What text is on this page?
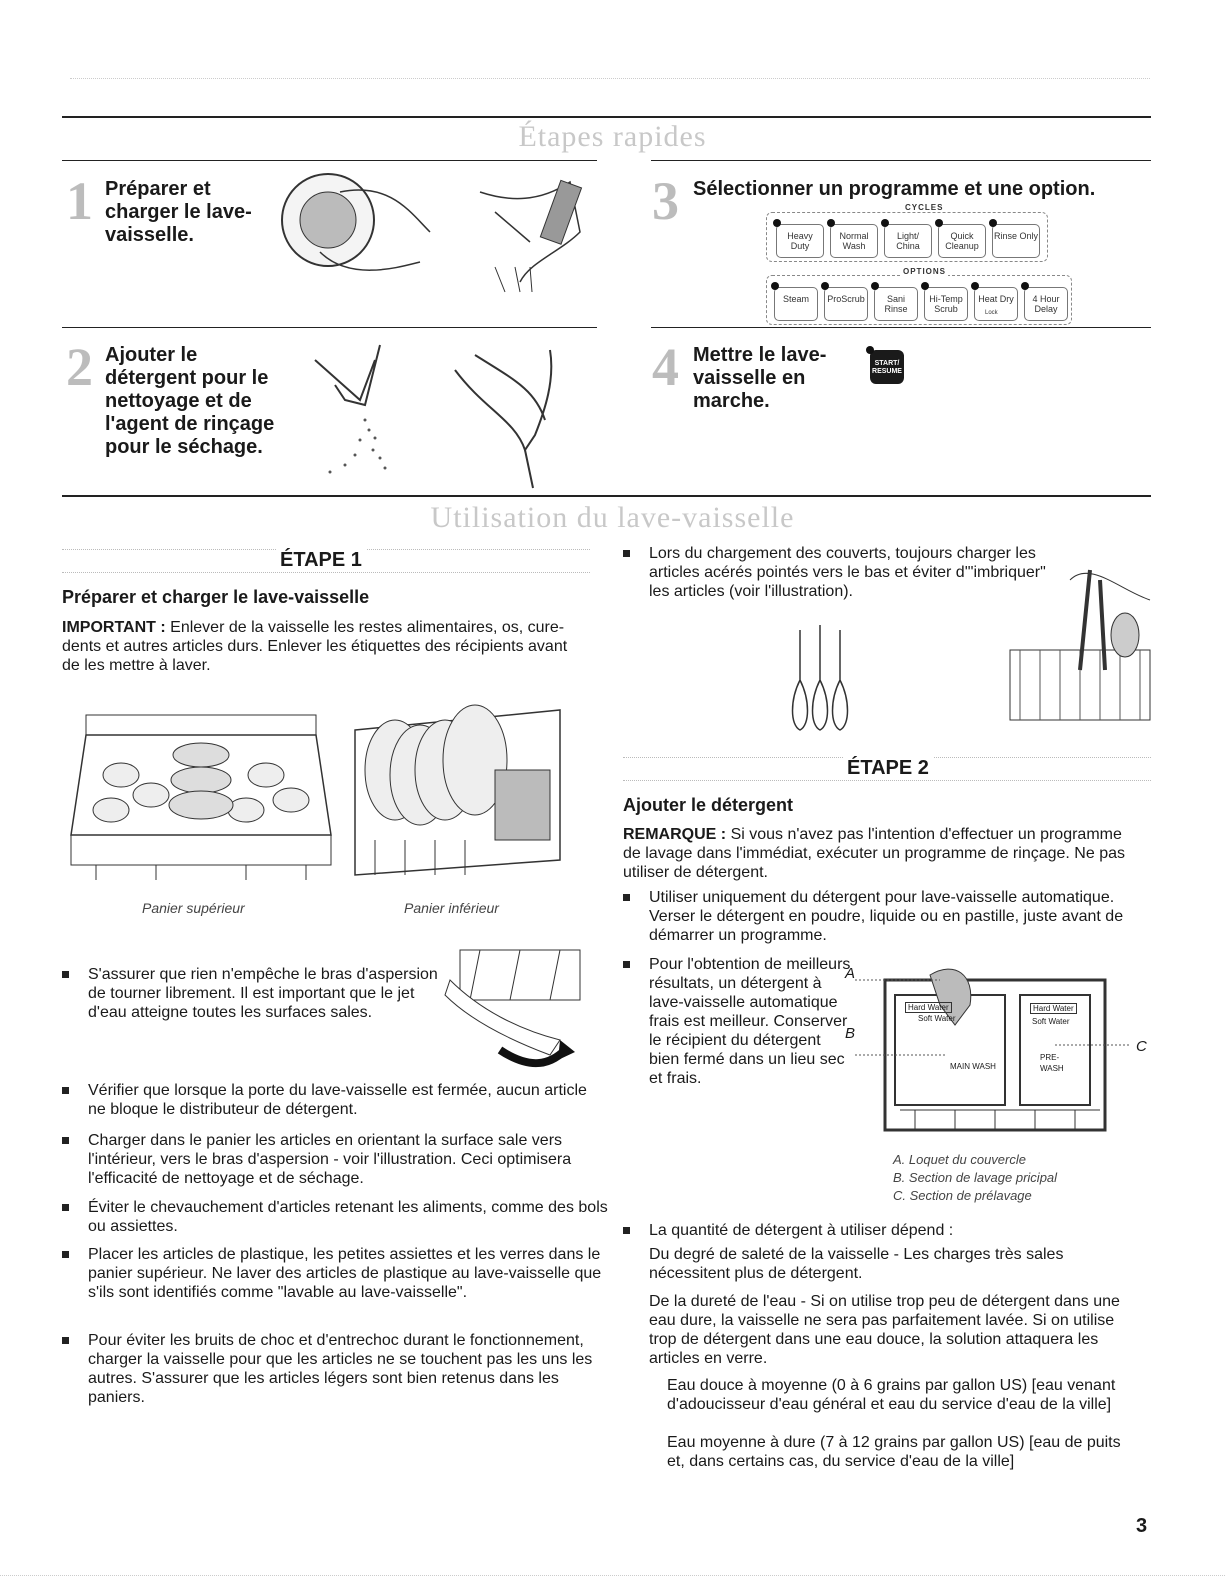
Étapes rapides
1 Préparer et charger le lave-vaisselle.
3 Sélectionner un programme et une option.
CYCLES
Heavy Duty
Normal Wash
Light/ China
Quick Cleanup
Rinse Only
OPTIONS
Steam	ProScrub	Sani Rinse
Hi-Temp Scrub
Heat Dry	4 Hour Delay
Lock
2 Ajouter le détergent pour le nettoyage et de l'agent de rinçage pour le séchage.
4 Mettre le lave-vaisselle en marche.
START/ RESUME
Utilisation du lave-vaisselle
ÉTAPE 1
Préparer et charger le lave-vaisselle
IMPORTANT : Enlever de la vaisselle les restes alimentaires, os, cure-dents et autres articles durs. Enlever les étiquettes des récipients avant de les mettre à laver.
Panier supérieur	Panier inférieur
S'assurer que rien n'empêche le bras d'aspersion de tourner librement. Il est important que le jet d'eau atteigne toutes les surfaces sales.
Vérifier que lorsque la porte du lave-vaisselle est fermée, aucun article ne bloque le distributeur de détergent.
Charger dans le panier les articles en orientant la surface sale vers l'intérieur, vers le bras d'aspersion - voir l'illustration. Ceci optimisera l'efficacité de nettoyage et de séchage.
Éviter le chevauchement d'articles retenant les aliments, comme des bols ou assiettes.
Placer les articles de plastique, les petites assiettes et les verres dans le panier supérieur. Ne laver des articles de plastique au lave-vaisselle que s'ils sont identifiés comme "lavable au lave-vaisselle".
Pour éviter les bruits de choc et d'entrechoc durant le fonctionnement, charger la vaisselle pour que les articles ne se touchent pas les uns les autres. S'assurer que les articles légers sont bien retenus dans les paniers.
Lors du chargement des couverts, toujours charger les articles acérés pointés vers le bas et éviter d'"imbriquer" les articles (voir l'illustration).
ÉTAPE 2
Ajouter le détergent
REMARQUE : Si vous n'avez pas l'intention d'effectuer un programme de lavage dans l'immédiat, exécuter un programme de rinçage. Ne pas utiliser de détergent.
Utiliser uniquement du détergent pour lave-vaisselle automatique. Verser le détergent en poudre, liquide ou en pastille, juste avant de démarrer un programme.
Pour l'obtention de meilleurs résultats, un détergent à lave-vaisselle automatique frais est meilleur. Conserver le récipient du détergent bien fermé dans un lieu sec et frais.
A
B
C
Hard Water
Soft Water
Hard Water
Soft Water
MAIN WASH
PRE- WASH
A. Loquet du couvercle
B. Section de lavage pricipal
C. Section de prélavage
La quantité de détergent à utiliser dépend :
Du degré de saleté de la vaisselle - Les charges très sales nécessitent plus de détergent.
De la dureté de l'eau - Si on utilise trop peu de détergent dans une eau dure, la vaisselle ne sera pas parfaitement lavée. Si on utilise trop de détergent dans une eau douce, la solution attaquera les articles en verre.
Eau douce à moyenne (0 à 6 grains par gallon US) [eau venant d'adoucisseur d'eau général et eau du service d'eau de la ville]
Eau moyenne à dure (7 à 12 grains par gallon US) [eau de puits et, dans certains cas, du service d'eau de la ville]
3
